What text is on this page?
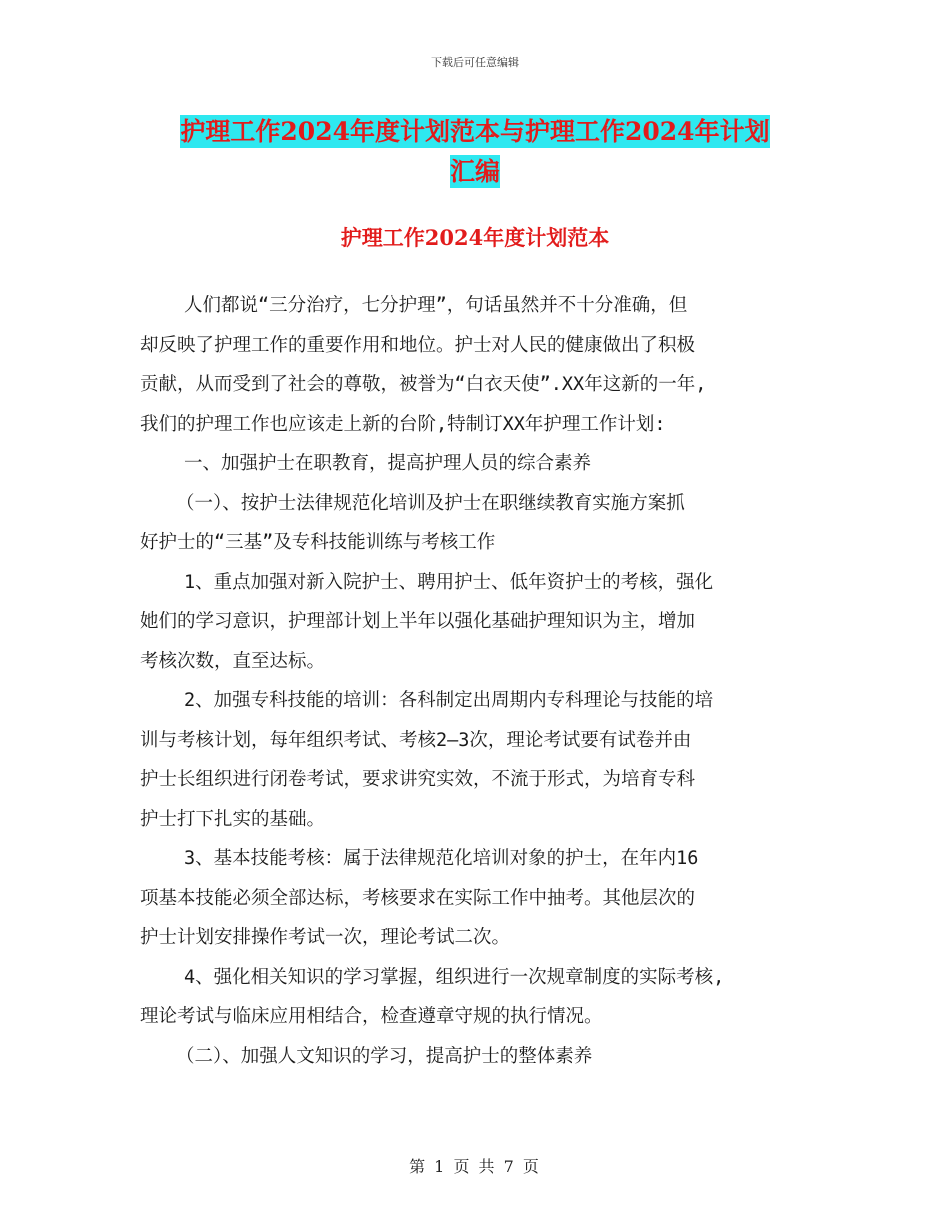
下载后可任意编辑
护理工作2024年度计划范本与护理工作2024年计划
汇编
护理工作2024年度计划范本
人们都说“三分治疗，七分护理”，句话虽然并不十分准确，但
却反映了护理工作的重要作用和地位。护士对人民的健康做出了积极
贡献，从而受到了社会的尊敬，被誉为“白衣天使”.XX年这新的一年,
我们的护理工作也应该走上新的台阶,特制订XX年护理工作计划:
一、加强护士在职教育，提高护理人员的综合素养
（一）、按护士法律规范化培训及护士在职继续教育实施方案抓
好护士的“三基”及专科技能训练与考核工作
1、重点加强对新入院护士、聘用护士、低年资护士的考核，强化
她们的学习意识，护理部计划上半年以强化基础护理知识为主，增加
考核次数，直至达标。
2、加强专科技能的培训：各科制定出周期内专科理论与技能的培
训与考核计划，每年组织考试、考核2—3次，理论考试要有试卷并由
护士长组织进行闭卷考试，要求讲究实效，不流于形式，为培育专科
护士打下扎实的基础。
3、基本技能考核：属于法律规范化培训对象的护士，在年内16
项基本技能必须全部达标，考核要求在实际工作中抽考。其他层次的
护士计划安排操作考试一次，理论考试二次。
4、强化相关知识的学习掌握，组织进行一次规章制度的实际考核,
理论考试与临床应用相结合，检查遵章守规的执行情况。
（二）、加强人文知识的学习，提高护士的整体素养
第 1 页 共 7 页
